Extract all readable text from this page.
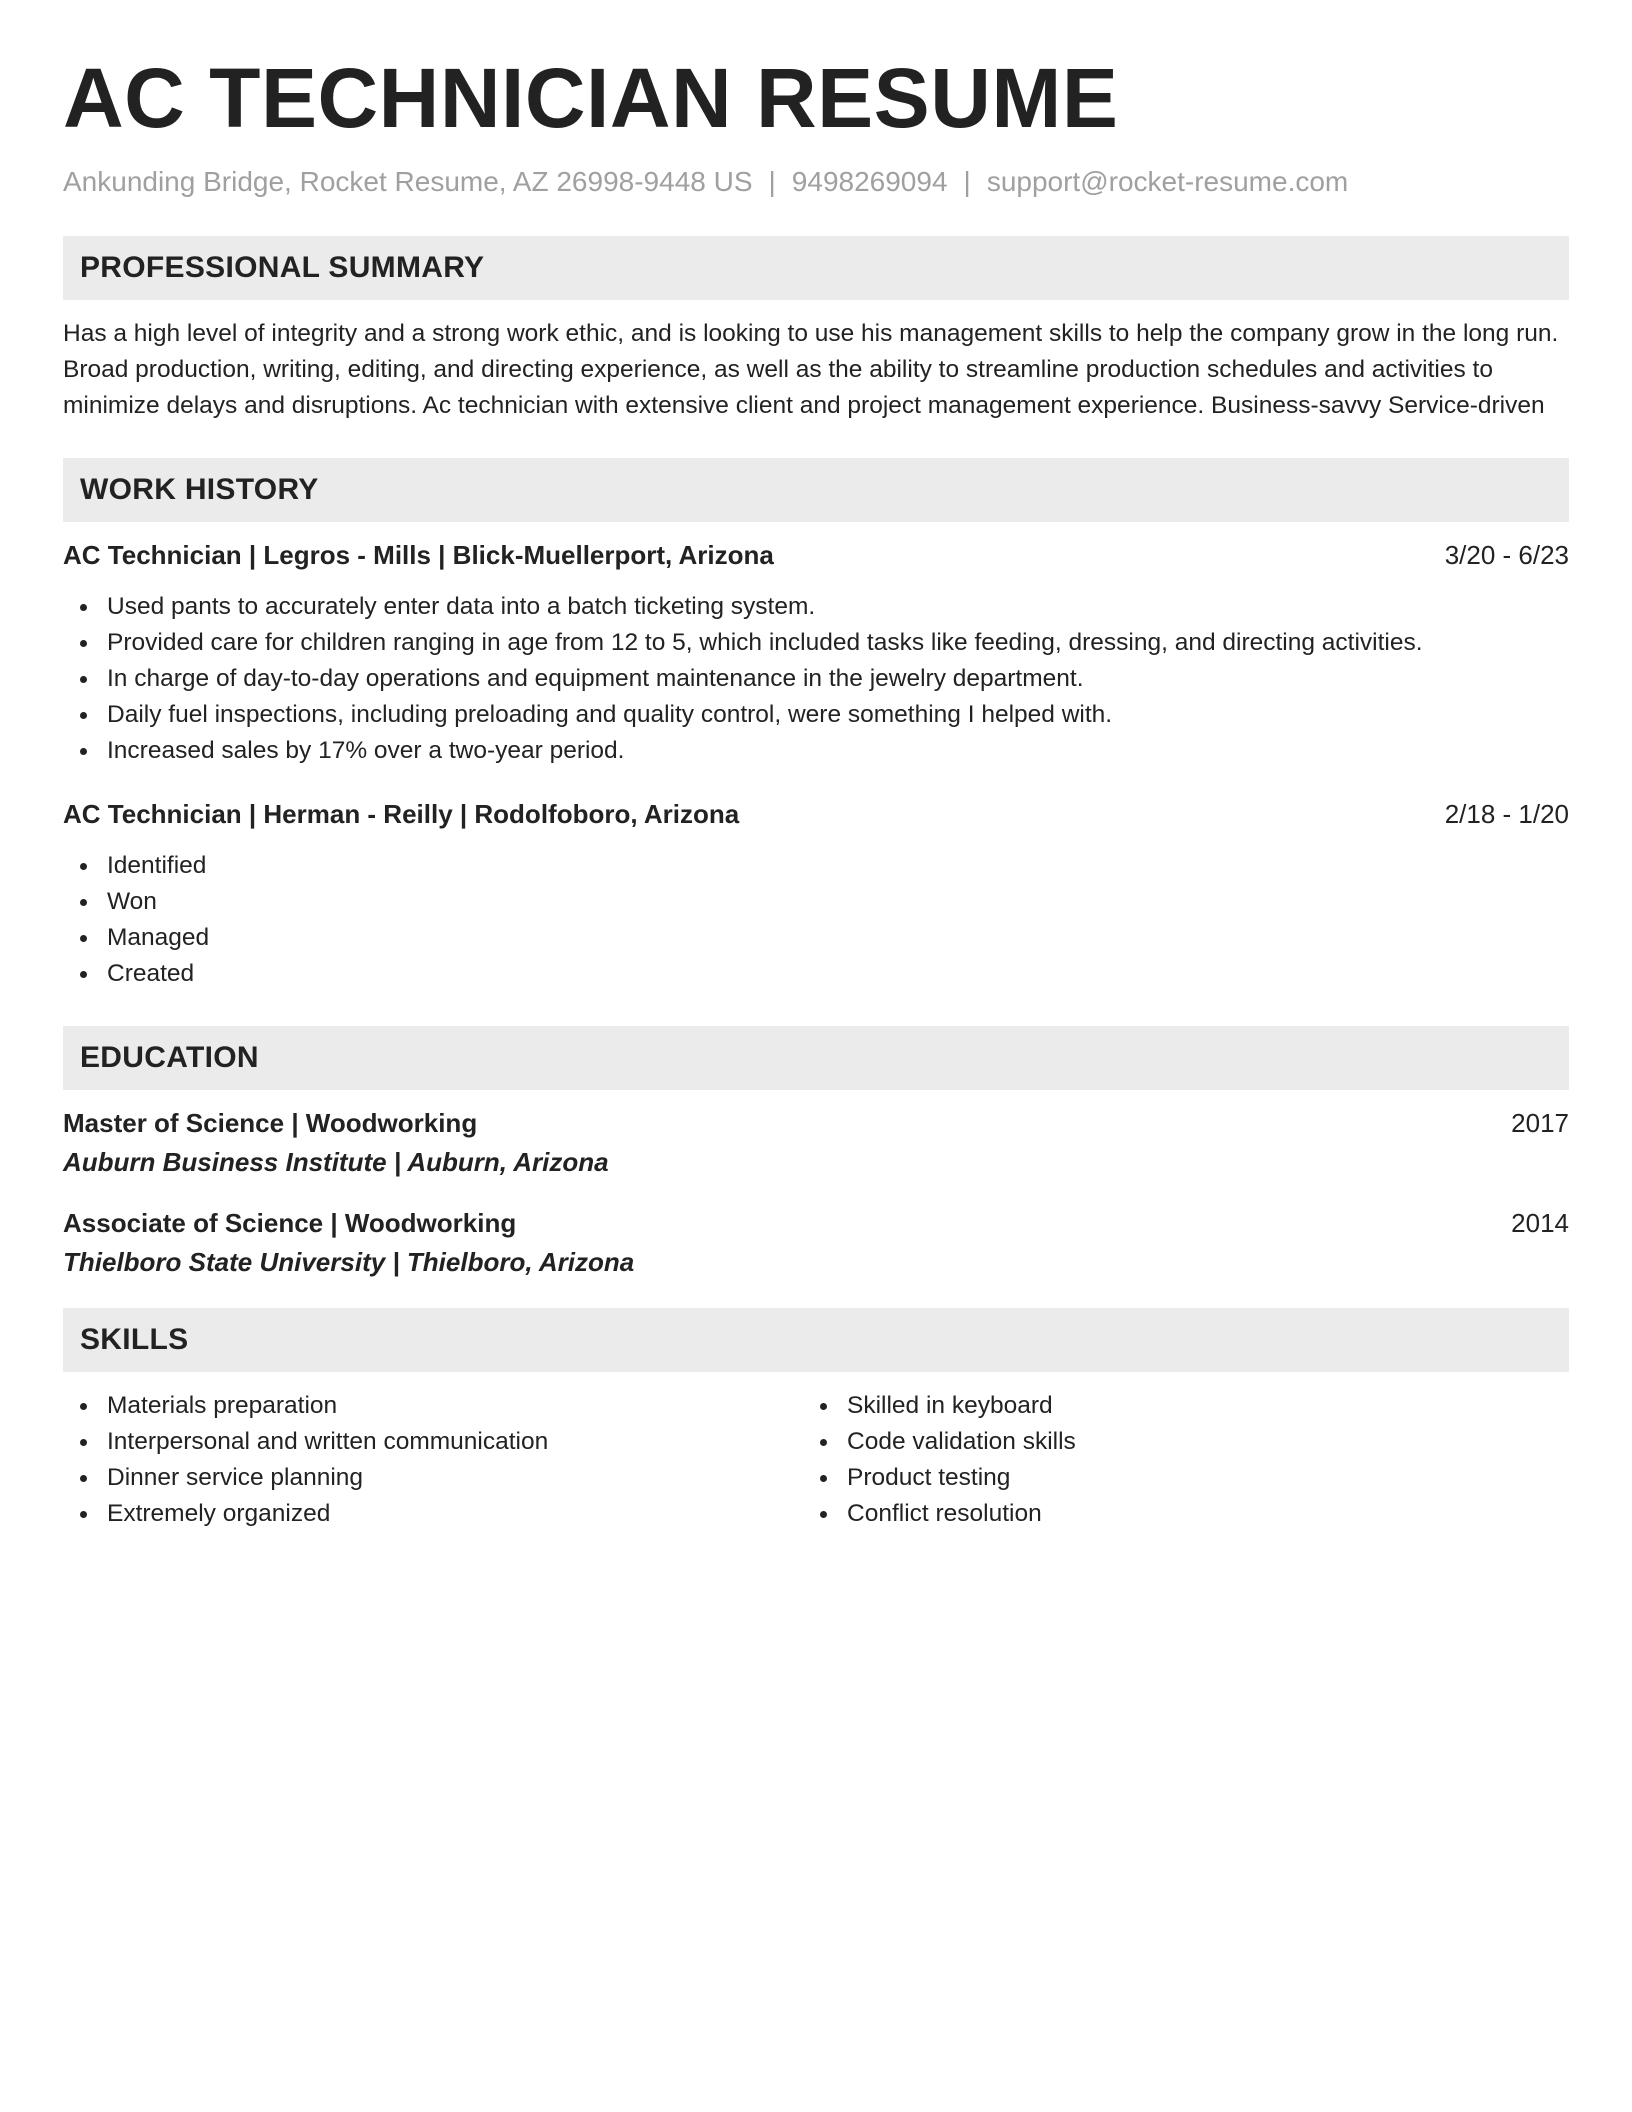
AC TECHNICIAN RESUME
Ankunding Bridge, Rocket Resume, AZ 26998-9448 US | 9498269094 | support@rocket-resume.com
PROFESSIONAL SUMMARY

Has a high level of integrity and a strong work ethic, and is looking to use his management skills to help the company grow in the long run. Broad production, writing, editing, and directing experience, as well as the ability to streamline production schedules and activities to minimize delays and disruptions. Ac technician with extensive client and project management experience. Business-savvy Service-driven

WORK HISTORY
AC Technician | Legros - Mills | Blick-Muellerport, Arizona	3/20 - 6/23
Used pants to accurately enter data into a batch ticketing system.
Provided care for children ranging in age from 12 to 5, which included tasks like feeding, dressing, and directing activities.
In charge of day-to-day operations and equipment maintenance in the jewelry department.
Daily fuel inspections, including preloading and quality control, were something I helped with.
Increased sales by 17% over a two-year period.
AC Technician | Herman - Reilly | Rodolfoboro, Arizona	2/18 - 1/20
Identified
Won
Managed
Created
EDUCATION
Master of Science | Woodworking	2017
Auburn Business Institute | Auburn, Arizona
Associate of Science | Woodworking	2014
Thielboro State University | Thielboro, Arizona
SKILLS
Materials preparation
Interpersonal and written communication
Dinner service planning
Extremely organized
Skilled in keyboard
Code validation skills
Product testing
Conflict resolution
